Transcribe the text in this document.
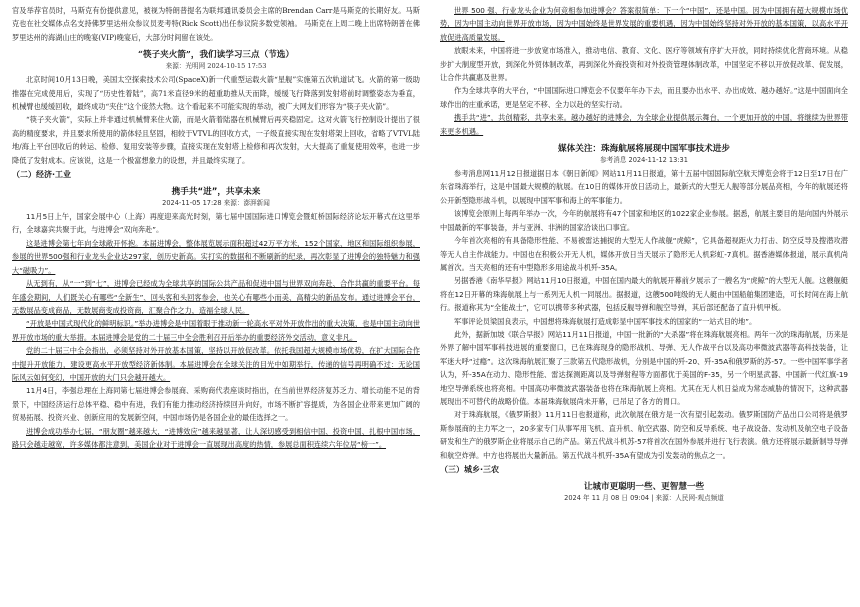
官及举荐官员时，马斯克有份提供意见，被视为特朗普提名为联邦通讯委员会主席的Brendan Carr是马斯克的长期好友。马斯克也在社交媒体点名支持佛罗里达州众参议员麦考特(Rick Scott)出任参议院多数党领袖。 马斯克在上周二晚上出席特朗普在佛罗里达州的海湖山庄的晚宴(VIP)晚宴后，大部分时间留在该处。

“筷子夹火箭”，我们读学习三点（节选）
来源：光明网 2024-10-15 17:53

北京时间10月13日晚，美国太空探索技术公司(SpaceX)新一代重型运载火箭“星舰”实施第五次轨道试飞。火箭的第一级助推器在完成使用后，实现了“历史性着陆”，高71米直径9米的超重助推从天而降，缓缓飞行降落到发射塔前时调整姿态为垂直，机械臂也缓缓回收，最终成功“夹住”这个庞然大物。这个看起来不可能实现的举动，被广大网友们形容为“筷子夹火箭”。

“筷子夹火箭”，实际上并非通过机械臂来住火箭，而是火箭着陆器在机械臂后再夹稳固定。这对火箭飞行控制设计提出了很高的精度要求，并且要求所使用的箭体轻且坚固，相较于VTVL的回收方式，一子级直接实现在发射塔架上回收，省略了VTVL陆地/海上平台回收后的转运、检修、复用安装等步骤，直接实现在发射塔上检修和再次发射，大大提高了重复使用效率，也进一步降低了发射成本。应该说，这是一个极富想象力的设想，并且最终实现了。

（二）经济·工业
携手共“进”，共享未来
2024-11-05 17:28 来源：澎湃新闻

11月5日上午，国家会展中心（上海）再度迎来高光时刻，第七届中国国际进口博览会暨虹桥国际经济论坛开幕式在这里举行，全球嘉宾共聚于此，与进博会“双向奔赴”。

这是进博会第七年向全球敞开怀抱。本届进博会，整体展览展示面积超过42万平方米，152个国家、地区和国际组织参展，参展的世界500强和行业龙头企业达297家，创历史新高。实打实的数据和不断刷新的纪录，再次彰显了进博会的独特魅力和强大“磁吸力”。

从无到有，从“一”到“七”，进博会已经成为全球共享的国际公共产品和促进中国与世界双向奔赴、合作共赢的重要平台。每年盛会期间，人们既关心有哪些“全新生”、回头客和头回客参会，也关心有哪些小而美、高精尖的新品发布。通过进博会平台，无数展品变成商品，无数展商变成投资商，汇聚合作之力，造福全球人民。

“开放是中国式现代化的鲜明标识。”举办进博会是中国着眼于推动新一轮高水平对外开放作出的重大决策，也是中国主动向世界开放市场的重大举措。本届进博会是党的二十届三中全会胜利召开后举办的重要经济外交活动，意义非凡。

党的二十届三中全会指出，必须坚持对外开放基本国策，坚持以开放促改革。依托我国超大规模市场优势，在扩大国际合作中提升开放能力，建设更高水平开放型经济新体制。本届进博会在全球关注的目光中如期举行，传递的信号再明确不过：无论国际风云如何变幻，中国开放的大门只会越开越大。

11月4日，李强总理在上海同第七届进博会参展商、采购商代表座谈时指出，在当前世界经济复苏乏力、增长动能不足的背景下，中国经济运行总体平稳、稳中有进，我们有能力推动经济持续回升向好，市场不断扩容提质，为各国企业带来更加广阔的贸易拓展、投资兴业、创新应用的发展新空间，中国市场仍是各国企业的最佳选择之一。

进博会成功举办七届，“朋友圈”越来越大，“进博效应”越来越显著，让人深切感受到相信中国、投资中国、扎根中国市场，路只会越走越宽，许多媒体都注意到，美国企业对于进博会一直展现出高度的热情，参展总面积连续六年位居“榜一”。

世界 500 强、行业龙头企业为何竞相参加进博会？答案很简单：下一个“中国”，还是中国。因为中国拥有超大规模市场优势，因为中国主动向世界开放市场，因为中国始终是世界发展的重要机遇，因为中国始终坚持对外开放的基本国策，以高水平开放促进高质量发展。

放眼未来，中国将进一步放宽市场准入，推动电信、教育、文化、医疗等领域有序扩大开放，同时持续优化营商环境。从稳步扩大制度型开放，到深化外贸体制改革，再到深化外商投资和对外投资管理体制改革，中国坚定不移以开放促改革、促发展，让合作共赢惠及世界。

作为全球共享的大平台，“中国国际进口博览会不仅要年年办下去，而且要办出水平、办出成效、越办越好。”这是中国面向全球作出的庄重承诺，更是坚定不移、全力以赴的坚实行动。

携手共“进”，共创精彩，共享未来。越办越好的进博会，为全球企业提供展示舞台，一个更加开放的中国，将继续为世界带来更多机遇。

媒体关注：珠海航展将展现中国军事技术进步
参考消息 2024-11-12 13:31

参考消息网11月12日报道据日本《朝日新闻》网站11月11日报道，第十五届中国国际航空航天博览会将于12日至17日在广东省珠海举行，这是中国最大规模的航展。在10日的媒体开放日活动上，最新式的大型无人舰等部分展品亮相，今年的航展还将公开新型隐形战斗机，以展现中国军事和海上的军事能力。

该博览会原则上每两年举办一次，今年的航展将有47个国家和地区的1022家企业参展。据悉，航展主要目的是向国内外展示中国最新的军事装备，并与亚洲、非洲的国家洽谈出口事宜。

今年首次亮相的有具备隐形性能、不易被雷达捕捉的大型无人作战舰“虎鲸”，它具备超视距火力打击、防空反导及搜潜攻潜等无人自主作战能力。中国也在积极公开无人机，媒体开放日当天展示了隐形无人机彩虹-7真机。据香港媒体报道，展示真机尚属首次。当天亮相的还有中型隐形多用途战斗机歼-35A。

另据香港《南华早报》网站11月10日报道，中国在国内最大的航展开幕前夕展示了一艘名为“虎鲸”的大型无人舰。这艘舰艇将在12日开幕的珠海航展上与一系列无人机一同展出。据报道，这艘500吨级的无人艇由中国船舶集团建造，可长时间在海上航行。报道称其为“全能战士”，它可以携带多种武器，包括反舰导弹和舰空导弹，其后部还配备了直升机甲板。

军事评论员梁国良表示，中国想将珠海航展打造成彰显中国军事技术的国家的“一站式目的地”。

此外，据新加坡《联合早报》网站11月11日报道，中国一批新的“大杀器”将在珠海航展亮相。两年一次的珠海航展，历来是外界了解中国军事科技进展的重要窗口，已在珠海现身的隐形战机、导弹、无人作战平台以及高功率微波武器等高科技装备，让军迷大呼“过瘾”。这次珠海航展汇聚了三款第五代隐形战机，分别是中国的歼-20、歼-35A和俄罗斯的苏-57。一些中国军事学者认为，歼-35A在动力、隐形性能、雷达探测距离以及导弹射程等方面都优于美国的F-35，另一个明星武器、中国新一代红旗-19地空导弹系统也将亮相。中国高功率微波武器装备也将在珠海航展上亮相。尤其在无人机日益成为常态威胁的情况下，这种武器展现出不可替代的战略价值。本届珠海航展尚未开幕，已吊足了各方的胃口。

对于珠海航展，《俄罗斯报》11月11日也报道称，此次航展在俄方是一次有望引起轰动。俄罗斯国防产品出口公司将是俄罗斯参展商的主力军之一，20多家专门从事军用飞机、直升机、航空武器、防空和反导系统、电子战设备、发动机及航空电子设备研发和生产的俄罗斯企业将展示自己的产品。第五代战斗机苏-57将首次在国外参展并进行飞行表演。俄方还将展示最新制导导弹和航空炸弹。中方也将展出大量新品。第五代战斗机歼-35A有望成为引发轰动的焦点之一。

（三）城乡·三农
让城市更聪明一些、更智慧一些
2024 年 11 月 08 日 09:04 | 来源：人民网-观点频道
